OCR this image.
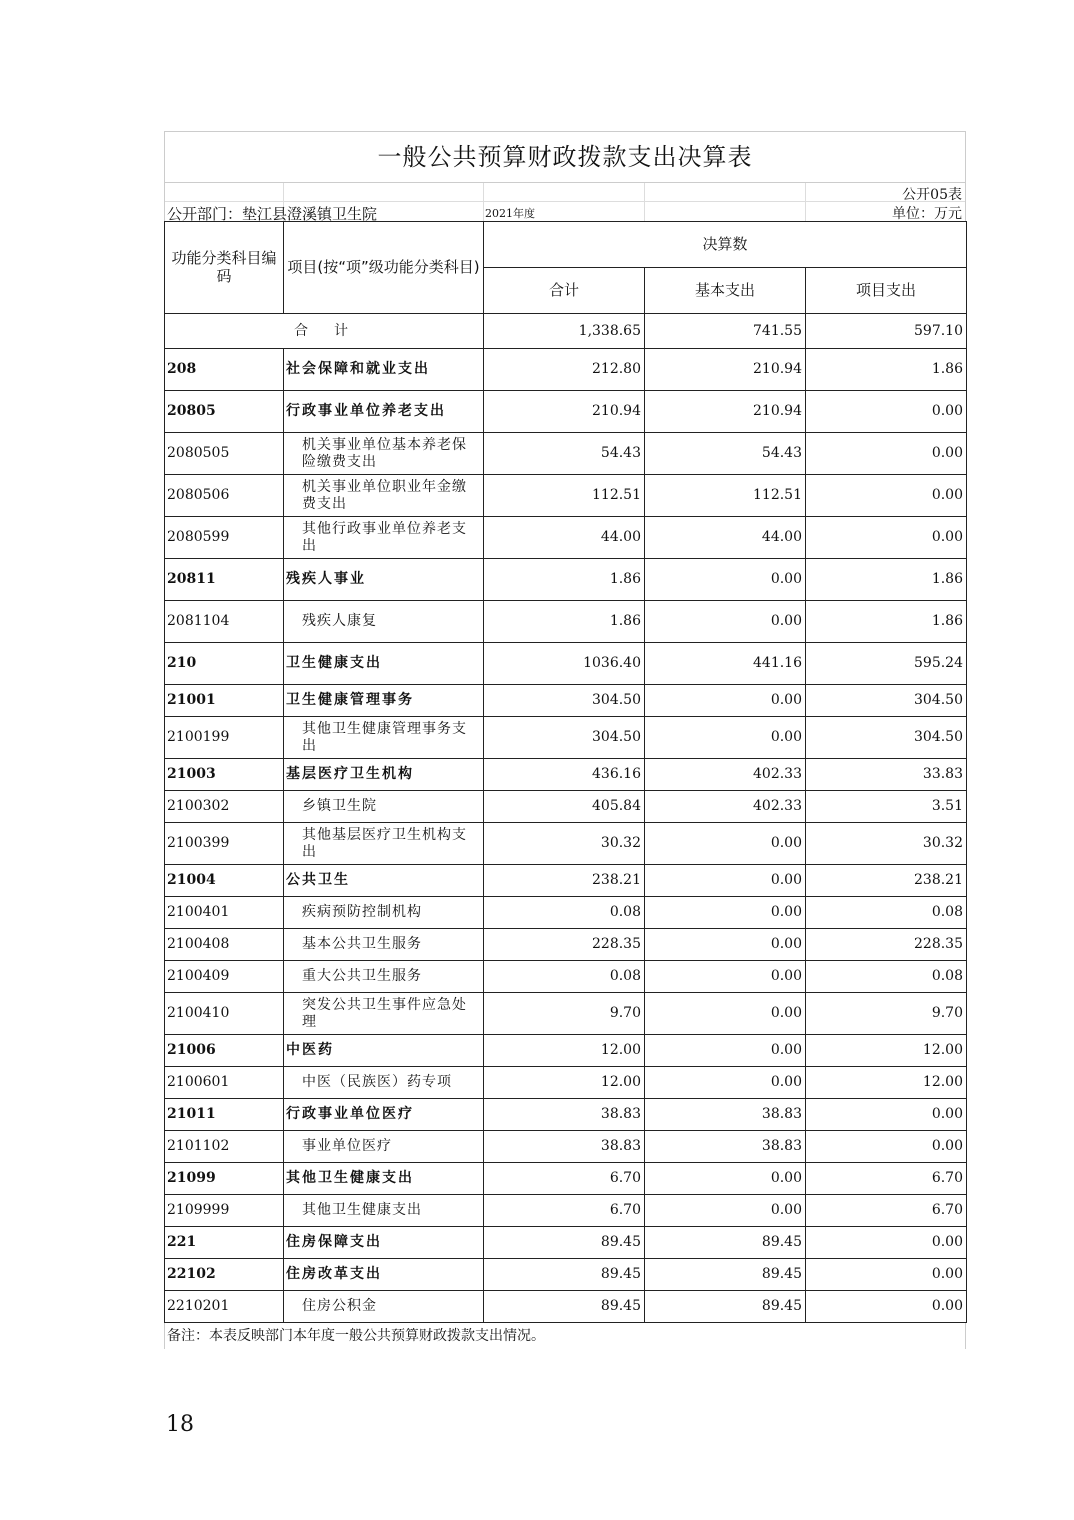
一般公共预算财政拨款支出决算表
公开05表
公开部门：垫江县澄溪镇卫生院	2021年度	单位：万元
功能分类科目编码	项目(按“项”级功能分类科目)	决算数		
		合计	基本支出	项目支出
合　计		1,338.65	741.55	597.10
208	社会保障和就业支出	212.80	210.94	1.86
20805	行政事业单位养老支出	210.94	210.94	0.00
2080505	机关事业单位基本养老保险缴费支出	54.43	54.43	0.00
2080506	机关事业单位职业年金缴费支出	112.51	112.51	0.00
2080599	其他行政事业单位养老支出	44.00	44.00	0.00
20811	残疾人事业	1.86	0.00	1.86
2081104	残疾人康复	1.86	0.00	1.86
210	卫生健康支出	1036.40	441.16	595.24
21001	卫生健康管理事务	304.50	0.00	304.50
2100199	其他卫生健康管理事务支出	304.50	0.00	304.50
21003	基层医疗卫生机构	436.16	402.33	33.83
2100302	乡镇卫生院	405.84	402.33	3.51
2100399	其他基层医疗卫生机构支出	30.32	0.00	30.32
21004	公共卫生	238.21	0.00	238.21
2100401	疾病预防控制机构	0.08	0.00	0.08
2100408	基本公共卫生服务	228.35	0.00	228.35
2100409	重大公共卫生服务	0.08	0.00	0.08
2100410	突发公共卫生事件应急处理	9.70	0.00	9.70
21006	中医药	12.00	0.00	12.00
2100601	中医（民族医）药专项	12.00	0.00	12.00
21011	行政事业单位医疗	38.83	38.83	0.00
2101102	事业单位医疗	38.83	38.83	0.00
21099	其他卫生健康支出	6.70	0.00	6.70
2109999	其他卫生健康支出	6.70	0.00	6.70
221	住房保障支出	89.45	89.45	0.00
22102	住房改革支出	89.45	89.45	0.00
2210201	住房公积金	89.45	89.45	0.00
备注：本表反映部门本年度一般公共预算财政拨款支出情况。
18
